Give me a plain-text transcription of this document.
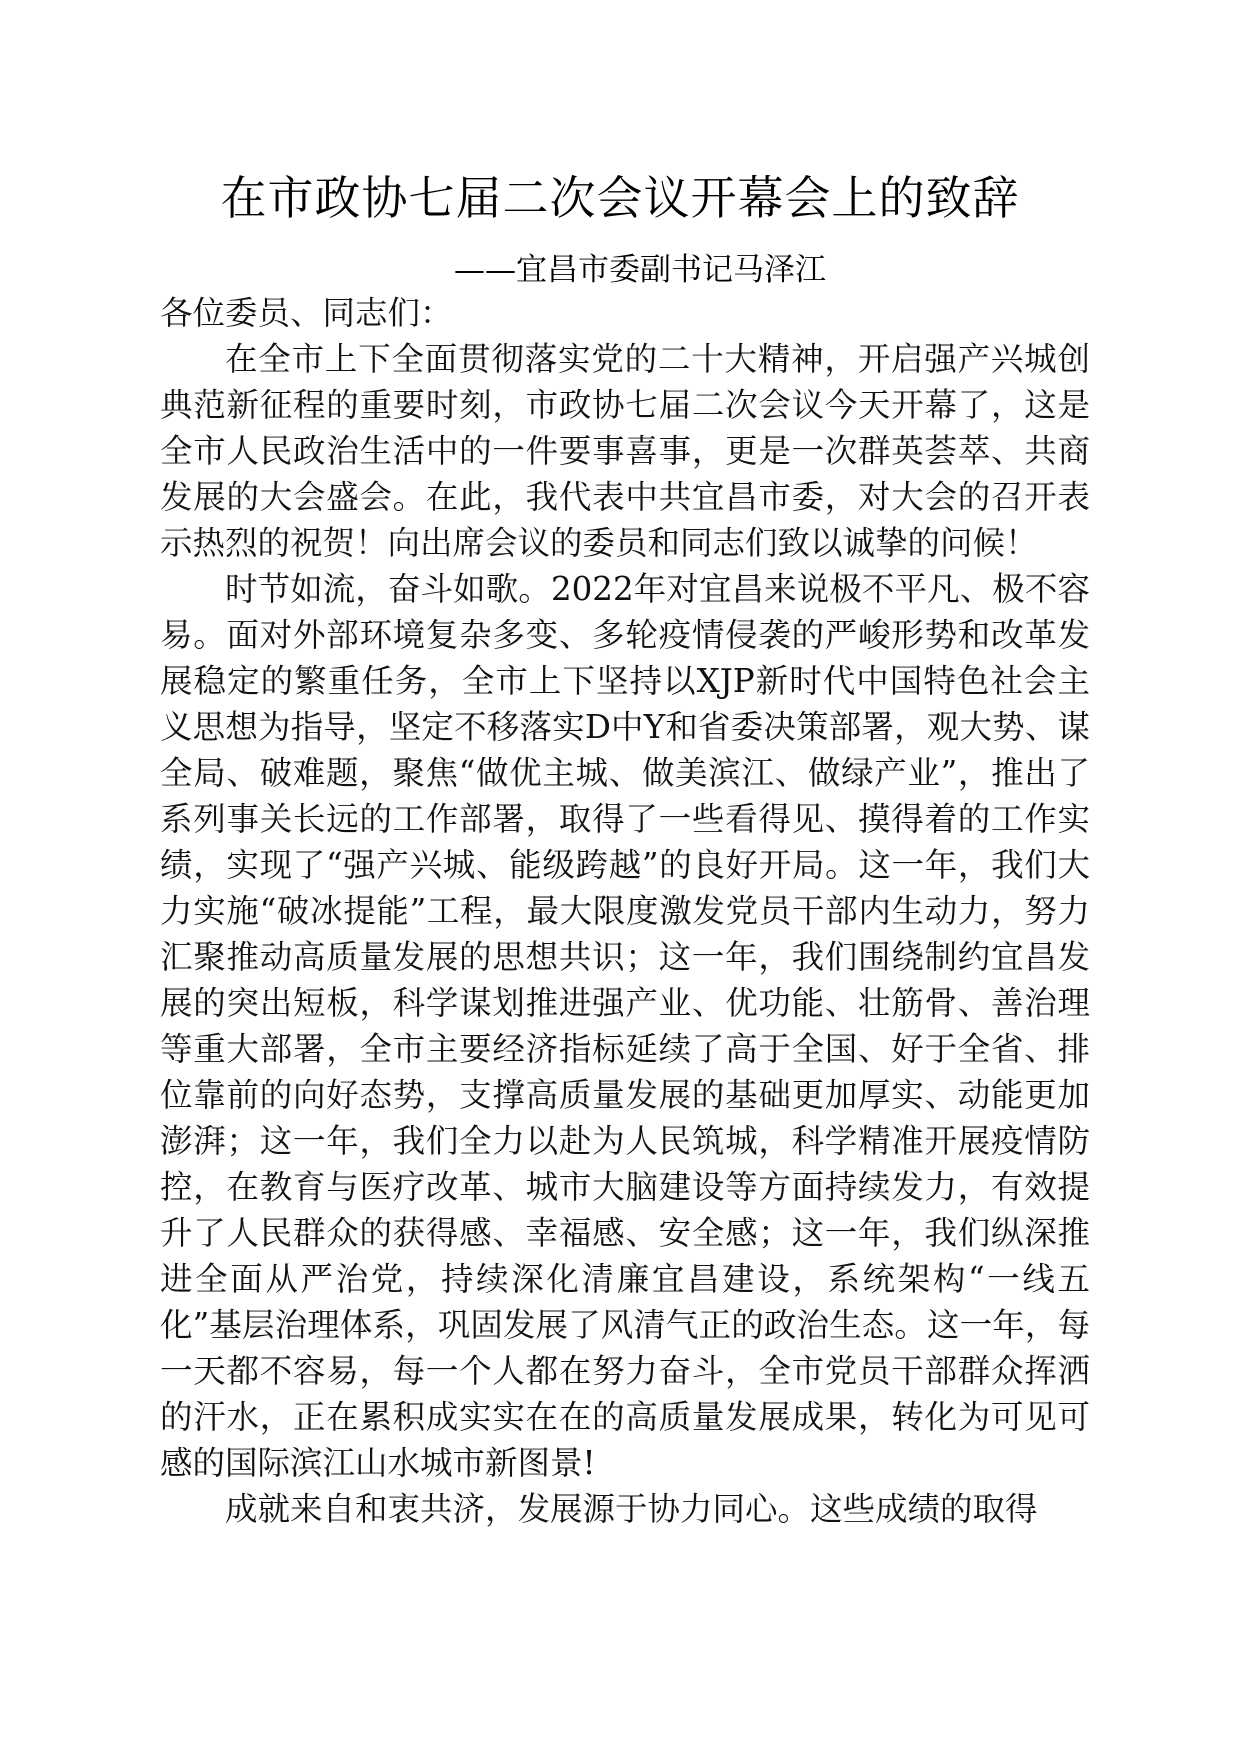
在市政协七届二次会议开幕会上的致辞
——宜昌市委副书记马泽江

各位委员、同志们：

在全市上下全面贯彻落实党的二十大精神，开启强产兴城创典范新征程的重要时刻，市政协七届二次会议今天开幕了，这是全市人民政治生活中的一件要事喜事，更是一次群英荟萃、共商发展的大会盛会。在此，我代表中共宜昌市委，对大会的召开表示热烈的祝贺！向出席会议的委员和同志们致以诚挚的问候！

时节如流，奋斗如歌。2022年对宜昌来说极不平凡、极不容易。面对外部环境复杂多变、多轮疫情侵袭的严峻形势和改革发展稳定的繁重任务，全市上下坚持以XJP新时代中国特色社会主义思想为指导，坚定不移落实D中Y和省委决策部署，观大势、谋全局、破难题，聚焦“做优主城、做美滨江、做绿产业”，推出了系列事关长远的工作部署，取得了一些看得见、摸得着的工作实绩，实现了“强产兴城、能级跨越”的良好开局。这一年，我们大力实施“破冰提能”工程，最大限度激发党员干部内生动力，努力汇聚推动高质量发展的思想共识；这一年，我们围绕制约宜昌发展的突出短板，科学谋划推进强产业、优功能、壮筋骨、善治理等重大部署，全市主要经济指标延续了高于全国、好于全省、排位靠前的向好态势，支撑高质量发展的基础更加厚实、动能更加澎湃；这一年，我们全力以赴为人民筑城，科学精准开展疫情防控，在教育与医疗改革、城市大脑建设等方面持续发力，有效提升了人民群众的获得感、幸福感、安全感；这一年，我们纵深推进全面从严治党，持续深化清廉宜昌建设，系统架构“一线五化”基层治理体系，巩固发展了风清气正的政治生态。这一年，每一天都不容易，每一个人都在努力奋斗，全市党员干部群众挥洒的汗水，正在累积成实实在在的高质量发展成果，转化为可见可感的国际滨江山水城市新图景!

成就来自和衷共济，发展源于协力同心。这些成绩的取得
